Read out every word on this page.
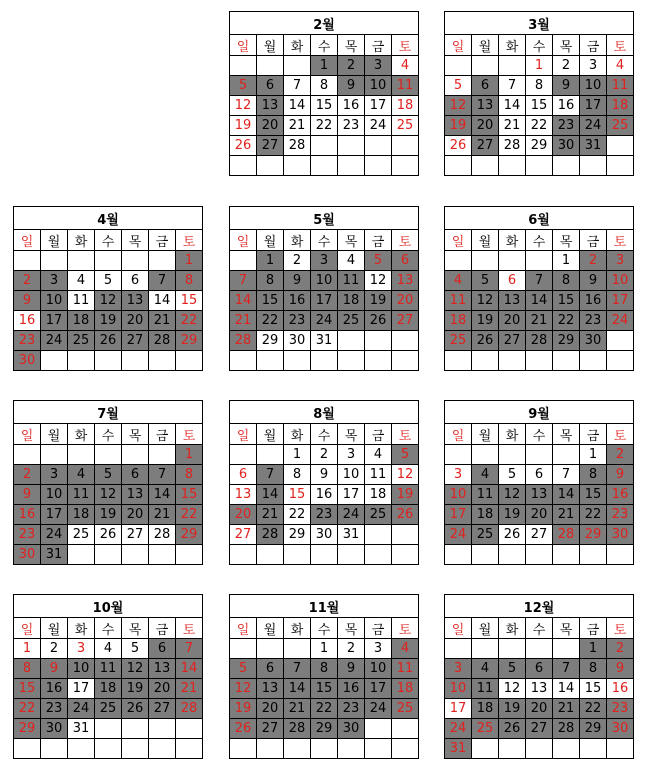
2월						
일	월	화	수	목	금	토
			1	2	3	4
5	6	7	8	9	10	11
12	13	14	15	16	17	18
19	20	21	22	23	24	25
26	27	28				

3월						
일	월	화	수	목	금	토
			1	2	3	4
5	6	7	8	9	10	11
12	13	14	15	16	17	18
19	20	21	22	23	24	25
26	27	28	29	30	31	

4월						
일	월	화	수	목	금	토
						1
2	3	4	5	6	7	8
9	10	11	12	13	14	15
16	17	18	19	20	21	22
23	24	25	26	27	28	29
30						
5월						
일	월	화	수	목	금	토
	1	2	3	4	5	6
7	8	9	10	11	12	13
14	15	16	17	18	19	20
21	22	23	24	25	26	27
28	29	30	31			

6월						
일	월	화	수	목	금	토
				1	2	3
4	5	6	7	8	9	10
11	12	13	14	15	16	17
18	19	20	21	22	23	24
25	26	27	28	29	30	

7월						
일	월	화	수	목	금	토
						1
2	3	4	5	6	7	8
9	10	11	12	13	14	15
16	17	18	19	20	21	22
23	24	25	26	27	28	29
30	31					
8월						
일	월	화	수	목	금	토
		1	2	3	4	5
6	7	8	9	10	11	12
13	14	15	16	17	18	19
20	21	22	23	24	25	26
27	28	29	30	31		

9월						
일	월	화	수	목	금	토
					1	2
3	4	5	6	7	8	9
10	11	12	13	14	15	16
17	18	19	20	21	22	23
24	25	26	27	28	29	30

10월						
일	월	화	수	목	금	토
1	2	3	4	5	6	7
8	9	10	11	12	13	14
15	16	17	18	19	20	21
22	23	24	25	26	27	28
29	30	31				

11월						
일	월	화	수	목	금	토
			1	2	3	4
5	6	7	8	9	10	11
12	13	14	15	16	17	18
19	20	21	22	23	24	25
26	27	28	29	30		

12월						
일	월	화	수	목	금	토
					1	2
3	4	5	6	7	8	9
10	11	12	13	14	15	16
17	18	19	20	21	22	23
24	25	26	27	28	29	30
31						
